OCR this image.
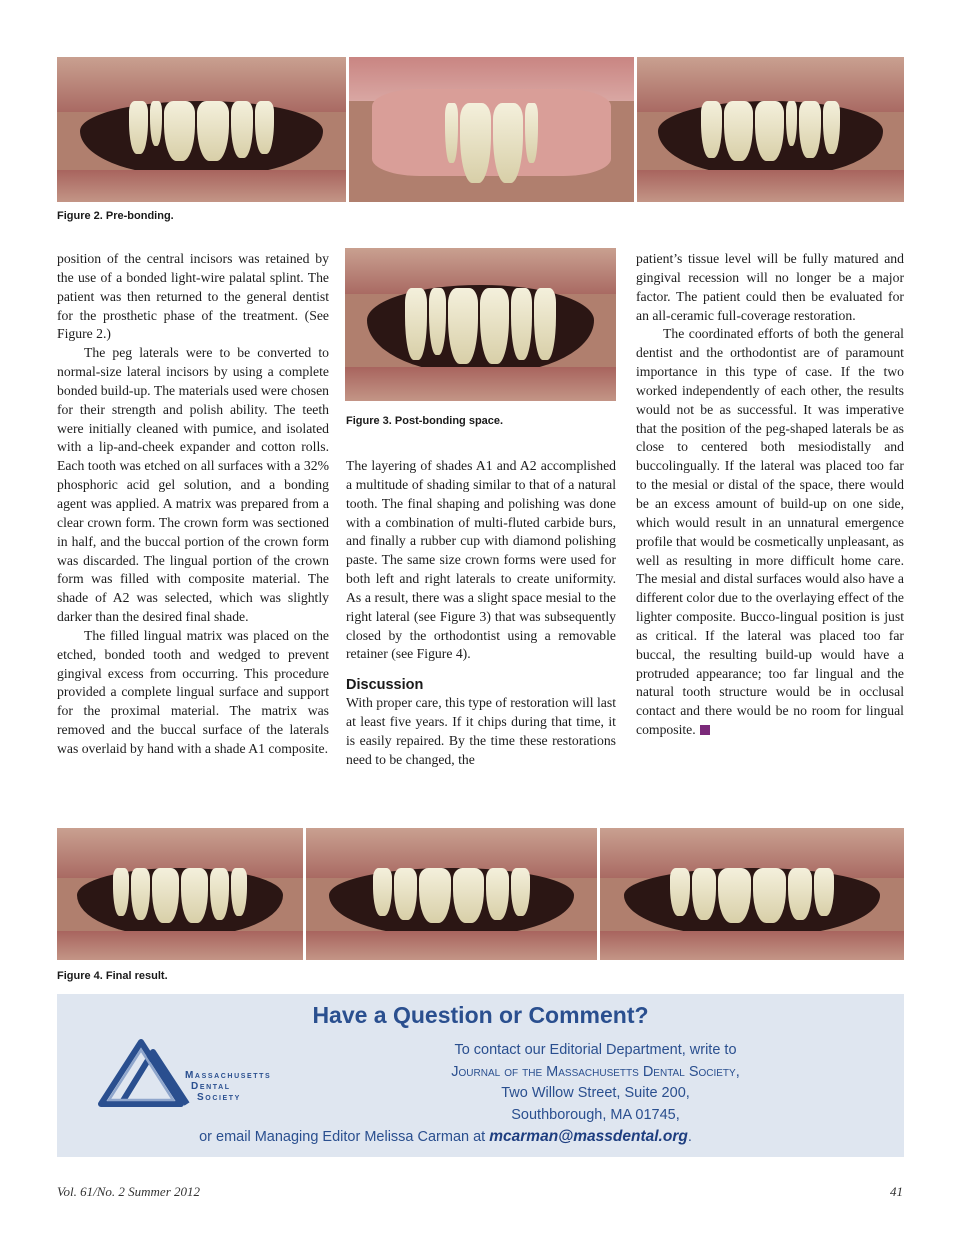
Figure 2. Pre-bonding.

position of the central incisors was retained by the use of a bonded light-wire palatal splint. The patient was then returned to the general dentist for the prosthetic phase of the treatment. (See Figure 2.)

The peg laterals were to be converted to normal-size lateral incisors by using a complete bonded build-up. The materials used were chosen for their strength and polish ability. The teeth were initially cleaned with pumice, and isolated with a lip-and-cheek expander and cotton rolls. Each tooth was etched on all surfaces with a 32% phosphoric acid gel solution, and a bonding agent was applied. A matrix was prepared from a clear crown form. The crown form was sectioned in half, and the buccal portion of the crown form was discarded. The lingual portion of the crown form was filled with composite material. The shade of A2 was selected, which was slightly darker than the desired final shade.

The filled lingual matrix was placed on the etched, bonded tooth and wedged to prevent gingival excess from occurring. This procedure provided a complete lingual surface and support for the proximal material. The matrix was removed and the buccal surface of the laterals was overlaid by hand with a shade A1 composite.

Figure 3. Post-bonding space.

The layering of shades A1 and A2 accomplished a multitude of shading similar to that of a natural tooth. The final shaping and polishing was done with a combination of multi-fluted carbide burs, and finally a rubber cup with diamond polishing paste. The same size crown forms were used for both left and right laterals to create uniformity. As a result, there was a slight space mesial to the right lateral (see Figure 3) that was subsequently closed by the orthodontist using a removable retainer (see Figure 4).

Discussion

With proper care, this type of restoration will last at least five years. If it chips during that time, it is easily repaired. By the time these restorations need to be changed, the

patient’s tissue level will be fully matured and gingival recession will no longer be a major factor. The patient could then be evaluated for an all-ceramic full-coverage restoration.

The coordinated efforts of both the general dentist and the orthodontist are of paramount importance in this type of case. If the two worked independently of each other, the results would not be as successful. It was imperative that the position of the peg-shaped laterals be as close to centered both mesiodistally and buccolingually. If the lateral was placed too far to the mesial or distal of the space, there would be an excess amount of build-up on one side, which would result in an unnatural emergence profile that would be cosmetically unpleasant, as well as resulting in more difficult home care. The mesial and distal surfaces would also have a different color due to the overlaying effect of the lighter composite. Bucco-lingual position is just as critical. If the lateral was placed too far buccal, the resulting build-up would have a protruded appearance; too far lingual and the natural tooth structure would be in occlusal contact and there would be no room for lingual composite.

Figure 4. Final result.
Have a Question or Comment?
Massachusetts
Dental
Society
To contact our Editorial Department, write to
Journal of the Massachusetts Dental Society,
Two Willow Street, Suite 200,
Southborough, MA 01745,
or email Managing Editor Melissa Carman at mcarman@massdental.org.
Vol. 61/No. 2 Summer 2012	41
